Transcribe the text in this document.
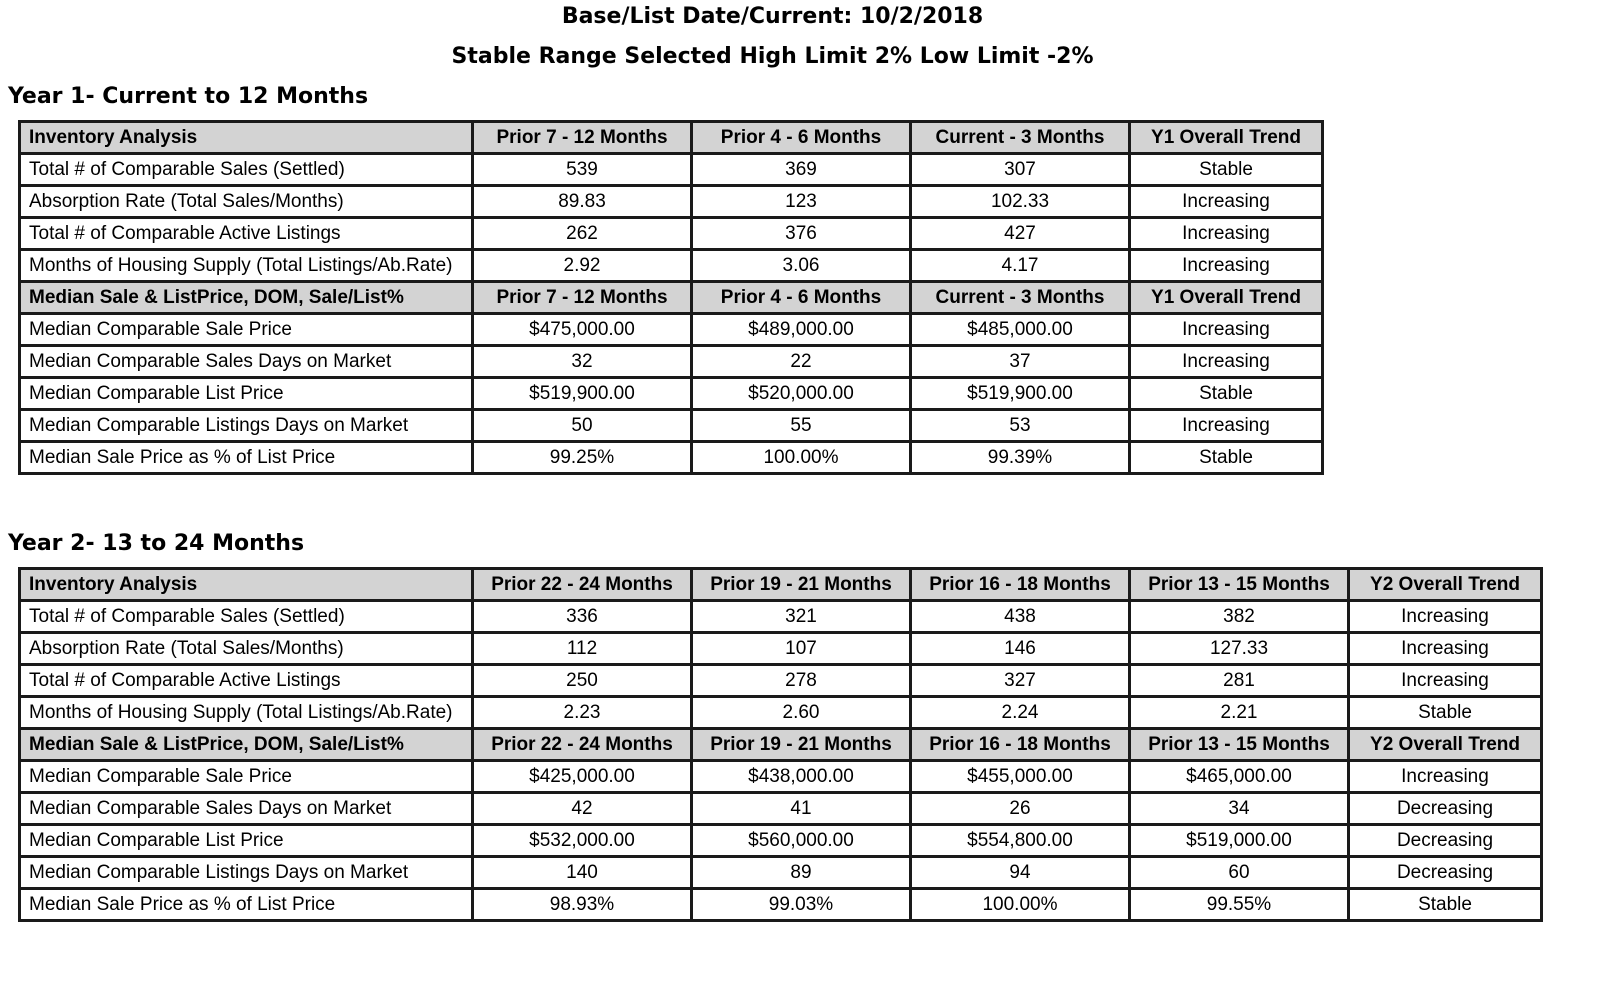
Base/List Date/Current: 10/2/2018
Stable Range Selected High Limit 2% Low Limit -2%
Year 1- Current to 12 Months
Inventory Analysis	Prior 7 - 12 Months	Prior 4 - 6 Months	Current - 3 Months	Y1 Overall Trend
Total # of Comparable Sales (Settled)	539	369	307	Stable
Absorption Rate (Total Sales/Months)	89.83	123	102.33	Increasing
Total # of Comparable Active Listings	262	376	427	Increasing
Months of Housing Supply (Total Listings/Ab.Rate)	2.92	3.06	4.17	Increasing
Median Sale & ListPrice, DOM, Sale/List%	Prior 7 - 12 Months	Prior 4 - 6 Months	Current - 3 Months	Y1 Overall Trend
Median Comparable Sale Price	$475,000.00	$489,000.00	$485,000.00	Increasing
Median Comparable Sales Days on Market	32	22	37	Increasing
Median Comparable List Price	$519,900.00	$520,000.00	$519,900.00	Stable
Median Comparable Listings Days on Market	50	55	53	Increasing
Median Sale Price as % of List Price	99.25%	100.00%	99.39%	Stable
Year 2- 13 to 24 Months
Inventory Analysis	Prior 22 - 24 Months	Prior 19 - 21 Months	Prior 16 - 18 Months	Prior 13 - 15 Months	Y2 Overall Trend
Total # of Comparable Sales (Settled)	336	321	438	382	Increasing
Absorption Rate (Total Sales/Months)	112	107	146	127.33	Increasing
Total # of Comparable Active Listings	250	278	327	281	Increasing
Months of Housing Supply (Total Listings/Ab.Rate)	2.23	2.60	2.24	2.21	Stable
Median Sale & ListPrice, DOM, Sale/List%	Prior 22 - 24 Months	Prior 19 - 21 Months	Prior 16 - 18 Months	Prior 13 - 15 Months	Y2 Overall Trend
Median Comparable Sale Price	$425,000.00	$438,000.00	$455,000.00	$465,000.00	Increasing
Median Comparable Sales Days on Market	42	41	26	34	Decreasing
Median Comparable List Price	$532,000.00	$560,000.00	$554,800.00	$519,000.00	Decreasing
Median Comparable Listings Days on Market	140	89	94	60	Decreasing
Median Sale Price as % of List Price	98.93%	99.03%	100.00%	99.55%	Stable
